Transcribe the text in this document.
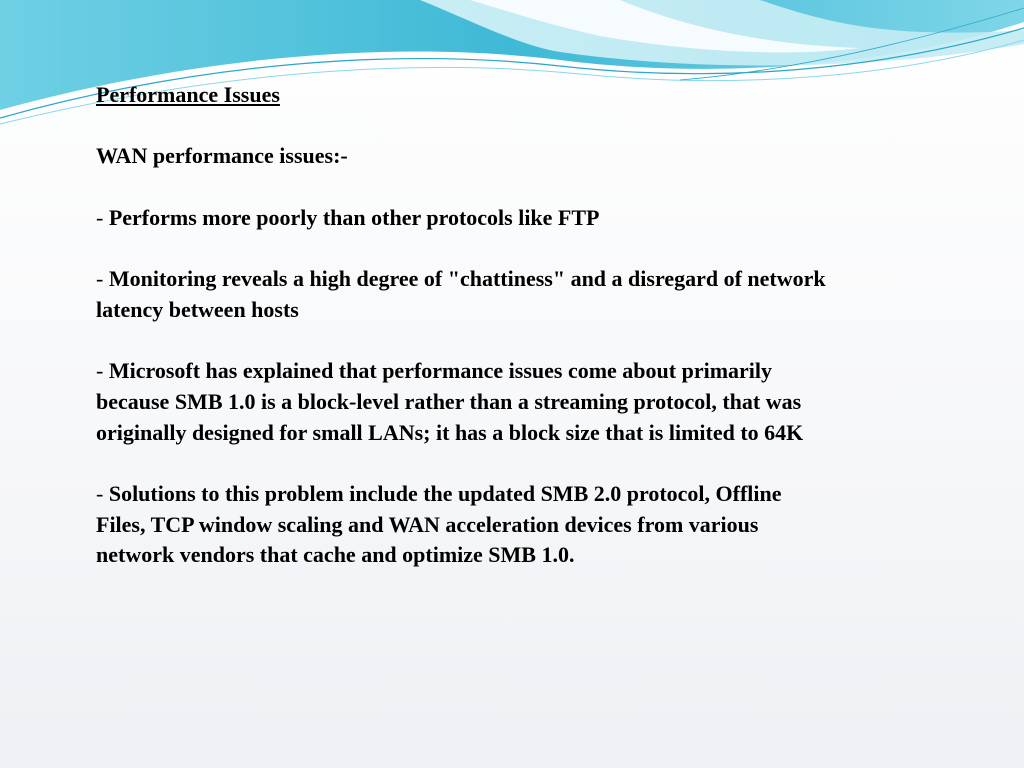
Performance Issues

WAN performance issues:-

- Performs more poorly than other protocols like FTP

- Monitoring reveals a high degree of "chattiness" and a disregard of network latency between hosts

- Microsoft has explained that performance issues come about primarily because SMB 1.0 is a block-level rather than a streaming protocol, that was originally designed for small LANs; it has a block size that is limited to 64K

- Solutions to this problem include the updated SMB 2.0 protocol, Offline Files, TCP window scaling and WAN acceleration devices from various network vendors that cache and optimize SMB 1.0.
